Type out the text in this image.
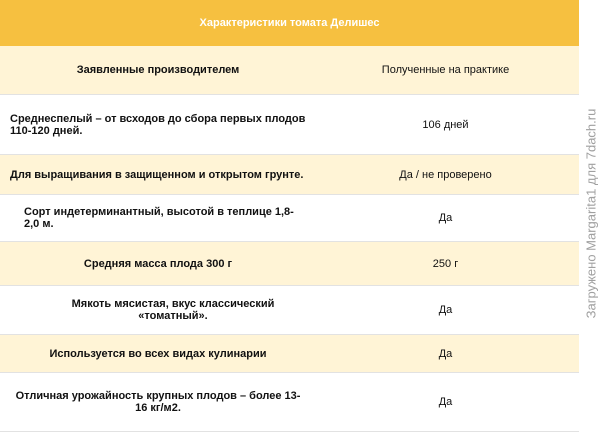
Характеристики томата Делишес
Заявленные производителем	Полученные на практике
Среднеспелый – от всходов до сбора первых плодов 110-120 дней.	106 дней
Для выращивания в защищенном и открытом грунте.	Да / не проверено
Сорт индетерминантный, высотой в теплице 1,8-2,0 м.	Да
Средняя масса плода 300 г	250 г
Мякоть мясистая, вкус классический «томатный».	Да
Используется во всех видах кулинарии	Да
Отличная урожайность крупных плодов – более 13-16 кг/м2.	Да
Загружено Margarita1 для 7dach.ru
